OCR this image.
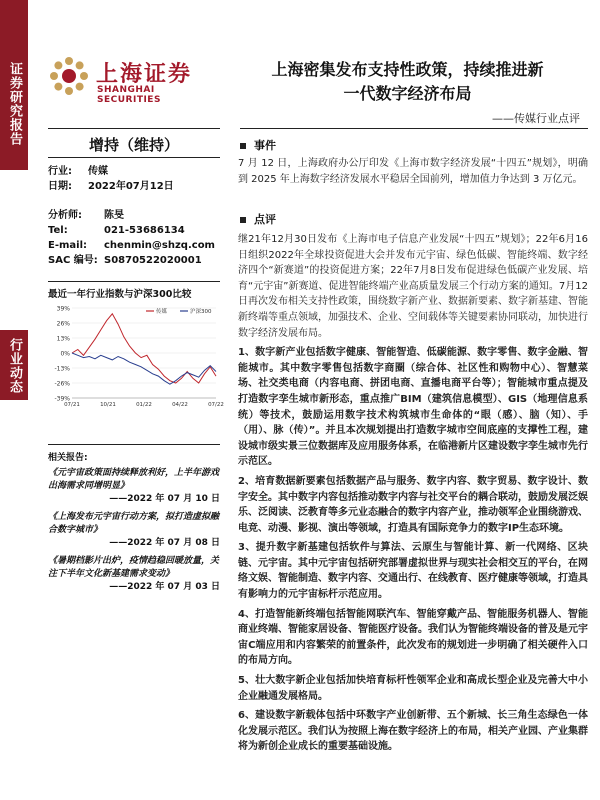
证券研究报告
行业动态
上海证券
SHANGHAI SECURITIES
上海密集发布支持性政策，持续推进新
一代数字经济布局
——传媒行业点评
增持（维持）
行业: 传媒
日期: 2022年07月12日
分析师: 陈旻
Tel:	021-53686134
E-mail: chenmin@shzq.com
SAC 编号: S0870522020001
最近一年行业指数与沪深300比较
39%
26%
13%
0%
-13%
-26%
-39%
07/21	10/21	01/22	04/22	07/22
传媒	沪深300
相关报告:
《元宇宙政策面持续释放利好，上半年游戏出海需求同增明显》
——2022 年 07 月 10 日
《上海发布元宇宙行动方案，拟打造虚拟融合数字城市》
——2022 年 07 月 08 日
《暑期档影片出炉，疫情趋稳回暖放量，关注下半年文化新基建需求变动》
——2022 年 07 月 03 日
事件

7 月 12 日，上海政府办公厅印发《上海市数字经济发展“十四五”规划》，明确到 2025 年上海数字经济发展水平稳居全国前列，增加值力争达到 3 万亿元。

点评

继21年12月30日发布《上海市电子信息产业发展“十四五”规划》；22年6月16日组织2022年全球投资促进大会并发布元宇宙、绿色低碳、智能终端、数字经济四个“新赛道”的投资促进方案；22年7月8日发布促进绿色低碳产业发展、培育“元宇宙”新赛道、促进智能终端产业高质量发展三个行动方案的通知。7月12日再次发布相关支持性政策，围绕数字新产业、数据新要素、数字新基建、智能新终端等重点领域，加强技术、企业、空间载体等关键要素协同联动，加快进行数字经济发展布局。

1、数字新产业包括数字健康、智能智造、低碳能源、数字零售、数字金融、智能城市。其中数字零售包括数字商圈（综合体、社区性和购物中心）、智慧菜场、社交类电商（内容电商、拼团电商、直播电商平台等）；智能城市重点提及打造数字孪生城市新形态，重点推广BIM（建筑信息模型）、GIS（地理信息系统）等技术，鼓励运用数字技术构筑城市生命体的“眼（感）、脑（知）、手（用）、脉（传）”。并且本次规划提出打造数字城市空间底座的支撑性工程，建设城市级实景三位数据库及应用服务体系，在临港新片区建设数字孪生城市先行示范区。

2、培育数据新要素包括数据产品与服务、数字内容、数字贸易、数字设计、数字安全。其中数字内容包括推动数字内容与社交平台的耦合联动，鼓励发展泛娱乐、泛阅读、泛教育等多元业态融合的数字内容产业，推动领军企业围绕游戏、电竞、动漫、影视、演出等领域，打造具有国际竞争力的数字IP生态环境。

3、提升数字新基建包括软件与算法、云原生与智能计算、新一代网络、区块链、元宇宙。其中元宇宙包括研究部署虚拟世界与现实社会相交互的平台，在网络文娱、智能制造、数字内容、交通出行、在线教育、医疗健康等领域，打造具有影响力的元宇宙标杆示范应用。

4、打造智能新终端包括智能网联汽车、智能穿戴产品、智能服务机器人、智能商业终端、智能家居设备、智能医疗设备。我们认为智能终端设备的普及是元宇宙C端应用和内容繁荣的前置条件，此次发布的规划进一步明确了相关硬件入口的布局方向。

5、壮大数字新企业包括加快培育标杆性领军企业和高成长型企业及完善大中小企业融通发展格局。

6、建设数字新载体包括中环数字产业创新带、五个新城、长三角生态绿色一体化发展示范区。我们认为按照上海在数字经济上的布局，相关产业园、产业集群将为新创企业成长的重要基础设施。
